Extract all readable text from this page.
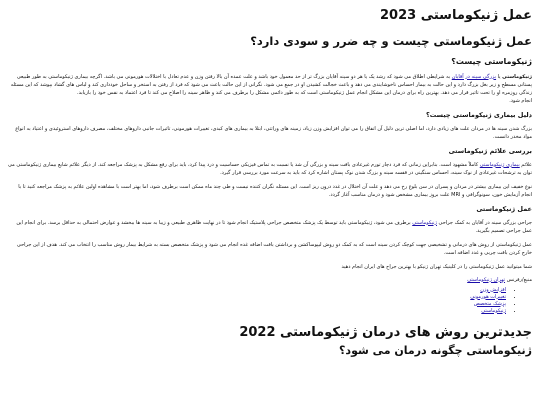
عمل ژنیکوماستی 2023
عمل ژنیکوماستی چیست و چه ضرر و سودی دارد؟
ژنیکوماستی چیست؟

ژنیکوماستی یا بزرگی سینه در آقایان به شرایطی اطلاق می شود که رشد یک یا هر دو سینه آقایان بزرگ تر از حد معمول خود باشد و علت عمده آن بالا رفتن وزن و عدم تعادل با اختلالات هورمونی می باشد. اگرچه بیماری ژنیکوماستی به طور طبیعی پستانی مسطح و زیر بغل بزرگ دارد و این حالت به بیمار احساس ناخوشایندی می دهد و باعث خجالت کشیدن او در جمع می شود. نگرانی از این حالت باعث می شود که فرد از رفتن به استخر و ساحل خودداری کند و لباس های گشاد بپوشد که این مسئله زندگی روزمره او را تحت تاثیر قرار می دهد. بهترین راه برای درمان این مشکل انجام عمل ژنیکوماستی است که به طور دائمی مشکل را برطرف می کند و ظاهر سینه را اصلاح می کند تا فرد اعتماد به نفس خود را بازیابد.
انجام شود.

دلیل بیماری ژنیکوماستی چیست؟

بزرگ شدن سینه ها در مردان علت های زیادی دارد، اما اصلی ترین دلیل آن اتفاق را می توان افزایش وزن زیاد، زمینه های وراثتی، ابتلا به بیماری های کبدی، تغییرات هورمونی، تاثیرات جانبی داروهای مختلف، مصرف داروهای استروئیدی و اعتیاد به انواع مواد مخدر دانست.

بررسی علائم ژنیکوماستی

علائم بیماری ژنیکوماستی کاملاً مشهود است. بنابراین زمانی که فرد دچار تورم غیرعادی بافت سینه و بزرگی آن شد یا نسبت به تماس فیزیکی حساسیت و درد پیدا کرد، باید برای رفع مشکل به پزشک مراجعه کند. از دیگر علائم شایع بیماری ژنیکوماستی می توان به ترشحات غیرعادی از نوک سینه، احساس سنگینی در قفسه سینه و بزرگ شدن نوک پستان اشاره کرد که باید به سرعت مورد بررسی قرار گیرد.

نوع خفیف این بیماری بیشتر در مردان و پسران در سن بلوغ رخ می دهد و علت آن اختلال در غدد درون ریز است. این مسئله نگران کننده نیست و طی چند ماه ممکن است برطرف شود، اما بهتر است با مشاهده اولین علائم به پزشک مراجعه کنید تا با انجام آزمایش خون، سونوگرافی و MRI علت بروز بیماری مشخص شود و درمان مناسب آغاز گردد.

عمل ژنیکوماستی

جراحی بزرگی سینه در آقایان به کمک جراحی ژنیکوماستی برطرف می شود، ژنیکوماستی باید توسط یک پزشک متخصص جراحی پلاستیک انجام شود تا در نهایت ظاهری طبیعی و زیبا به سینه ها ببخشد و عوارض احتمالی به حداقل برسد. برای انجام این عمل جراحی تصمیم بگیرید.

عمل ژنیکوماستی از روش های درمانی و تشخیصی جهت کوچک کردن سینه است که به کمک دو روش لیپوساکشن و برداشتن بافت اضافه غده انجام می شود و پزشک متخصص بسته به شرایط بیمار روش مناسب را انتخاب می کند. هدف از این جراحی خارج کردن بافت چربی و غدد اضافه است.

شما میتوانید عمل ژنیکوماستی را در کلینیک تهران ژنیکو با بهترین جراح های ایران انجام دهید

منبع/رفرنس تهران ژنیکوماستی
• افزایش وزن
• تغییرات هورمونی
• پزشک متخصص
• ژنیکوماستی
جدیدترین روش های درمان ژنیکوماستی 2022
ژنیکوماستی چگونه درمان می شود؟
